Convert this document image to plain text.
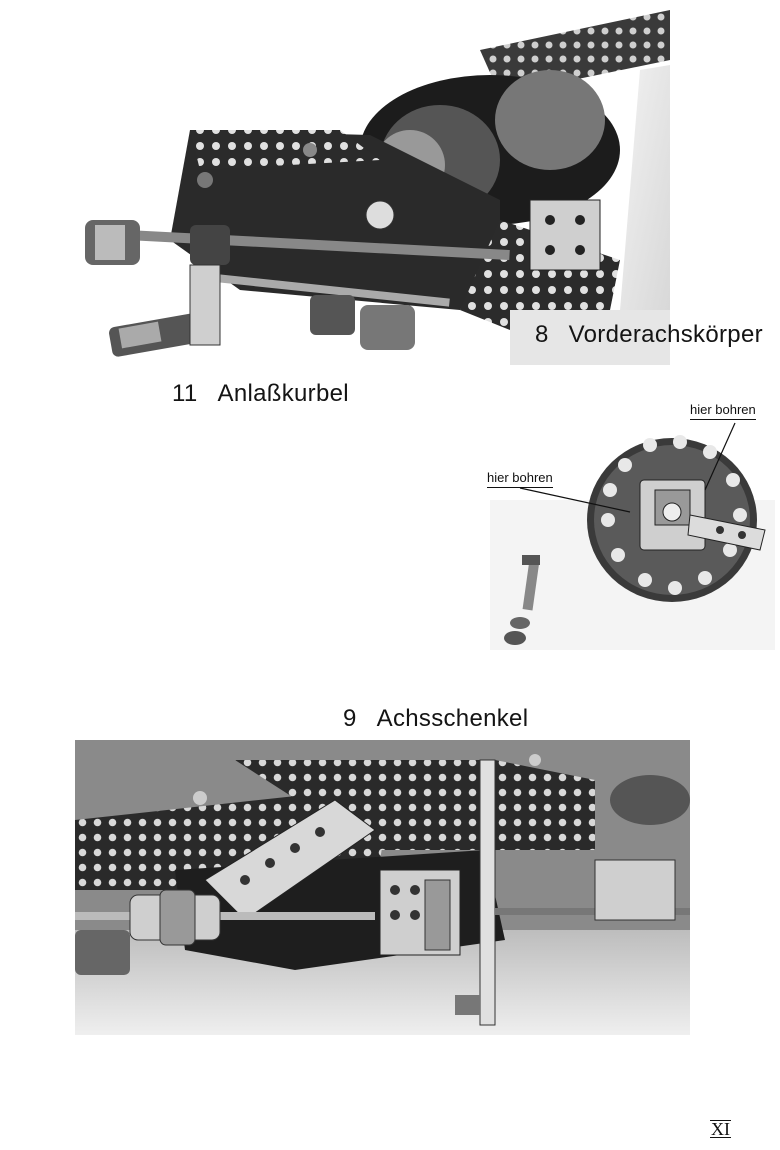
8 Vorderachskörper
11 Anlaßkurbel
hier bohren
hier bohren
9 Achsschenkel
XI
